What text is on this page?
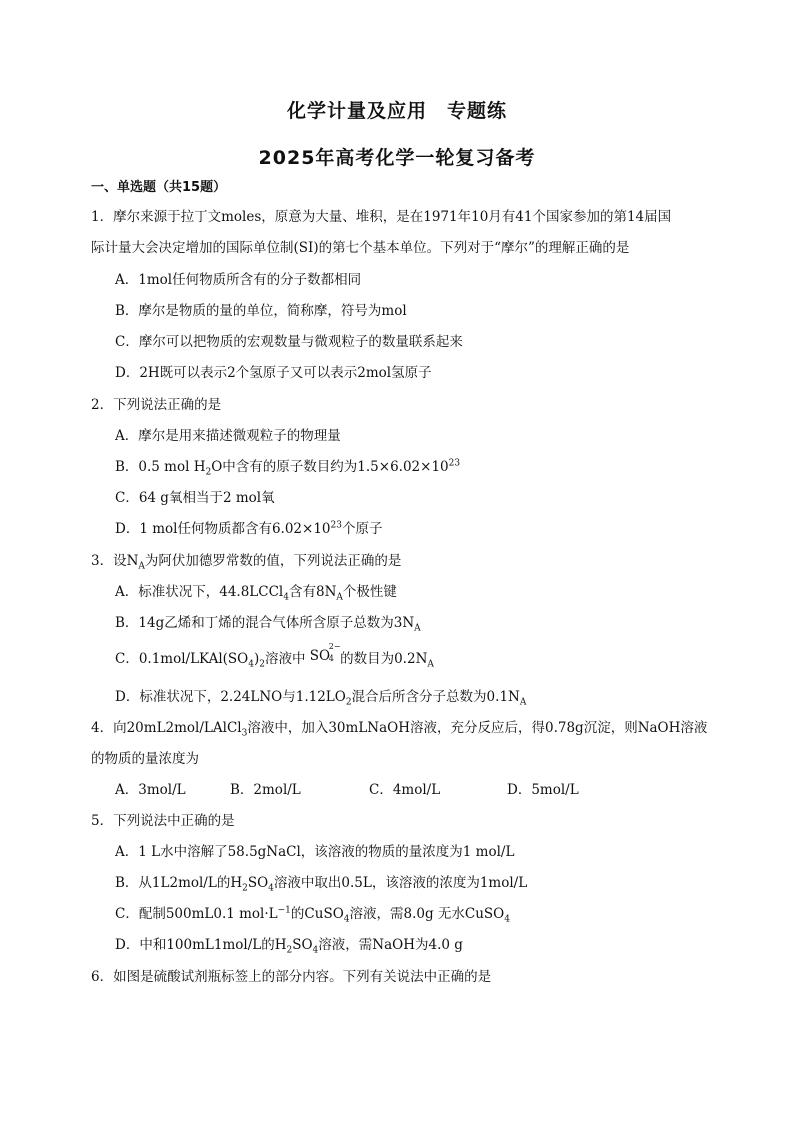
化学计量及应用 专题练
2025年高考化学一轮复习备考
一、单选题（共15题）
1．摩尔来源于拉丁文moles，原意为大量、堆积，是在1971年10月有41个国家参加的第14届国
际计量大会决定增加的国际单位制(SI)的第七个基本单位。下列对于“摩尔”的理解正确的是
A．1mol任何物质所含有的分子数都相同
B．摩尔是物质的量的单位，简称摩，符号为mol
C．摩尔可以把物质的宏观数量与微观粒子的数量联系起来
D．2H既可以表示2个氢原子又可以表示2mol氢原子
2．下列说法正确的是
A．摩尔是用来描述微观粒子的物理量
B．0.5 mol $H_2O$中含有的原子数目约为$1.5\times 6.02\times 10^{23}$
C．64 g氧相当于2 mol氧
D．1 mol任何物质都含有$6.02\times 10^{23}$个原子
3．设$N_A$为阿伏加德罗常数的值，下列说法正确的是
A．标准状况下，44.8LCCl$_4$含有$8N_A$个极性键
B．14g乙烯和丁烯的混合气体所含原子总数为$3N_A$
C．$0.1mol/LKAl(SO_4)_2$溶液中 SO
2−
4 的数目为$0.2N_A$
D．标准状况下，2.24LNO与$1.12LO_2$混合后所含分子总数为$0.1N_A$
4．向20mL2mol/LAlCl$_3$溶液中，加入30mLNaOH溶液，充分反应后，得0.78g沉淀，则NaOH溶液
的物质的量浓度为
A．3mol/L	B．2mol/L	C．4mol/L	D．5mol/L
5．下列说法中正确的是
A．1 L水中溶解了58.5gNaCl，该溶液的物质的量浓度为1 mol/L
B．从1L2mol/L的$H_2SO_4$溶液中取出0.5L，该溶液的浓度为1mol/L
C．配制500mL0.1 $mol\cdot L^{-1}$的CuSO$_4$溶液，需8.0g 无水CuSO$_4$
D．中和100mL1mol/L的$H_2SO_4$溶液，需NaOH为4.0 g
6．如图是硫酸试剂瓶标签上的部分内容。下列有关说法中正确的是
